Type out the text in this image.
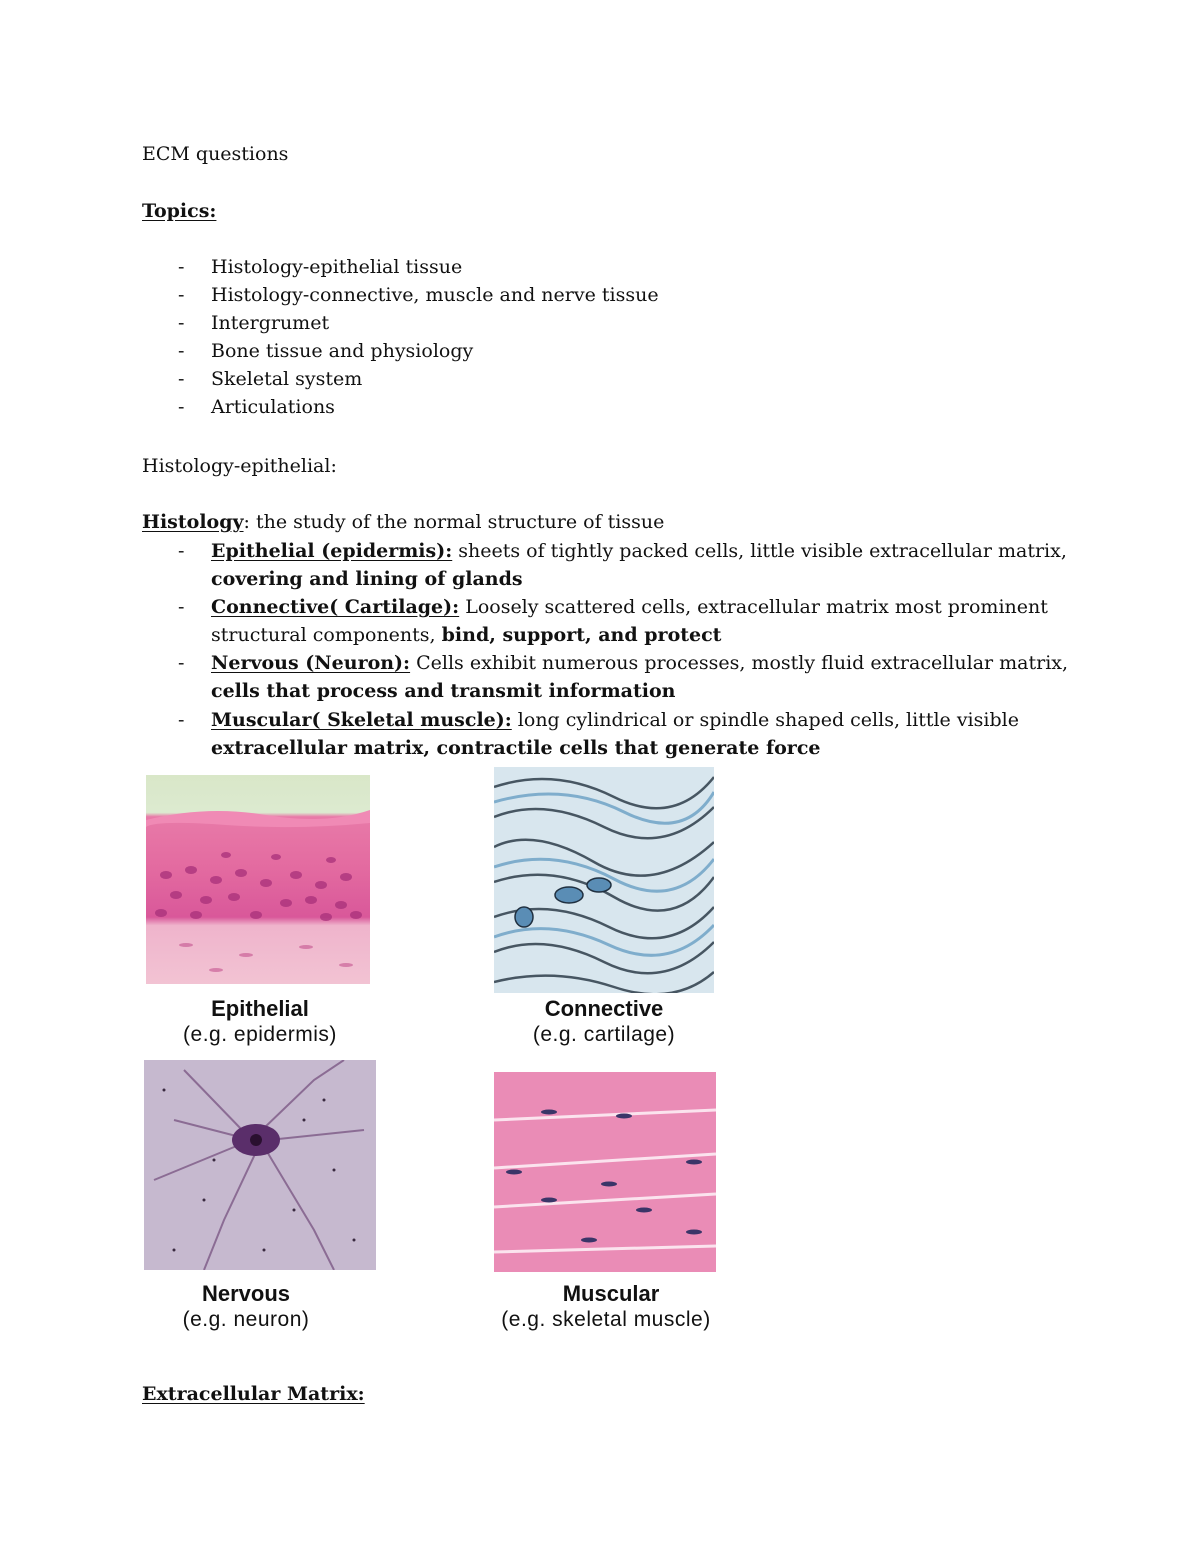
ECM questions
Topics:
- Histology-epithelial tissue
- Histology-connective, muscle and nerve tissue
- Intergrumet
- Bone tissue and physiology
- Skeletal system
- Articulations
Histology-epithelial:
Histology: the study of the normal structure of tissue
- Epithelial (epidermis): sheets of tightly packed cells, little visible extracellular matrix,
covering and lining of glands
- Connective( Cartilage): Loosely scattered cells, extracellular matrix most prominent
structural components, bind, support, and protect
- Nervous (Neuron): Cells exhibit numerous processes, mostly fluid extracellular matrix,
cells that process and transmit information
- Muscular( Skeletal muscle): long cylindrical or spindle shaped cells, little visible
extracellular matrix, contractile cells that generate force
Epithelial
(e.g. epidermis)
Connective
(e.g. cartilage)
Nervous
(e.g. neuron)
Muscular
(e.g. skeletal muscle)
Extracellular Matrix:
